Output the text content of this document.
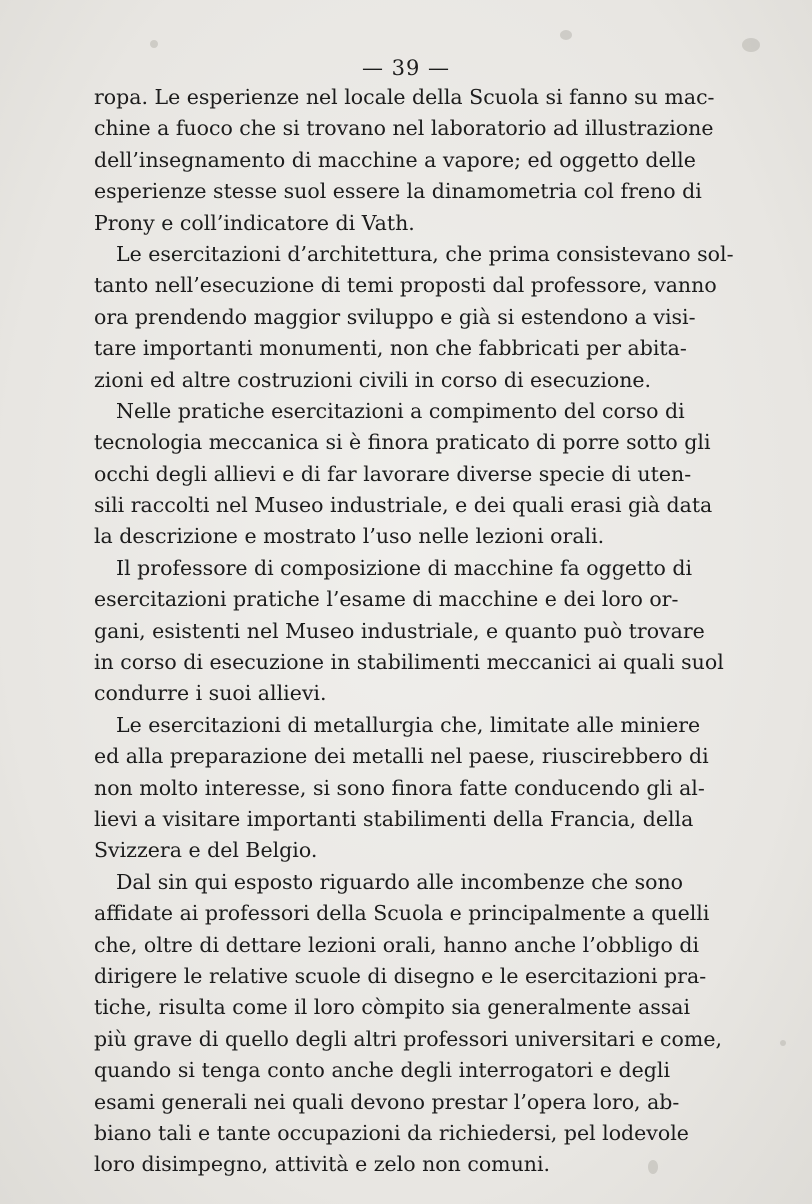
— 39 —
ropa. Le esperienze nel locale della Scuola si fanno su mac-
chine a fuoco che si trovano nel laboratorio ad illustrazione
dell’insegnamento di macchine a vapore; ed oggetto delle
esperienze stesse suol essere la dinamometria col freno di
Prony e coll’indicatore di Vath.
Le esercitazioni d’architettura, che prima consistevano sol-
tanto nell’esecuzione di temi proposti dal professore, vanno
ora prendendo maggior sviluppo e già si estendono a visi-
tare importanti monumenti, non che fabbricati per abita-
zioni ed altre costruzioni civili in corso di esecuzione.
Nelle pratiche esercitazioni a compimento del corso di
tecnologia meccanica si è finora praticato di porre sotto gli
occhi degli allievi e di far lavorare diverse specie di uten-
sili raccolti nel Museo industriale, e dei quali erasi già data
la descrizione e mostrato l’uso nelle lezioni orali.
Il professore di composizione di macchine fa oggetto di
esercitazioni pratiche l’esame di macchine e dei loro or-
gani, esistenti nel Museo industriale, e quanto può trovare
in corso di esecuzione in stabilimenti meccanici ai quali suol
condurre i suoi allievi.
Le esercitazioni di metallurgia che, limitate alle miniere
ed alla preparazione dei metalli nel paese, riuscirebbero di
non molto interesse, si sono finora fatte conducendo gli al-
lievi a visitare importanti stabilimenti della Francia, della
Svizzera e del Belgio.
Dal sin qui esposto riguardo alle incombenze che sono
affidate ai professori della Scuola e principalmente a quelli
che, oltre di dettare lezioni orali, hanno anche l’obbligo di
dirigere le relative scuole di disegno e le esercitazioni pra-
tiche, risulta come il loro còmpito sia generalmente assai
più grave di quello degli altri professori universitari e come,
quando si tenga conto anche degli interrogatori e degli
esami generali nei quali devono prestar l’opera loro, ab-
biano tali e tante occupazioni da richiedersi, pel lodevole
loro disimpegno, attività e zelo non comuni.
